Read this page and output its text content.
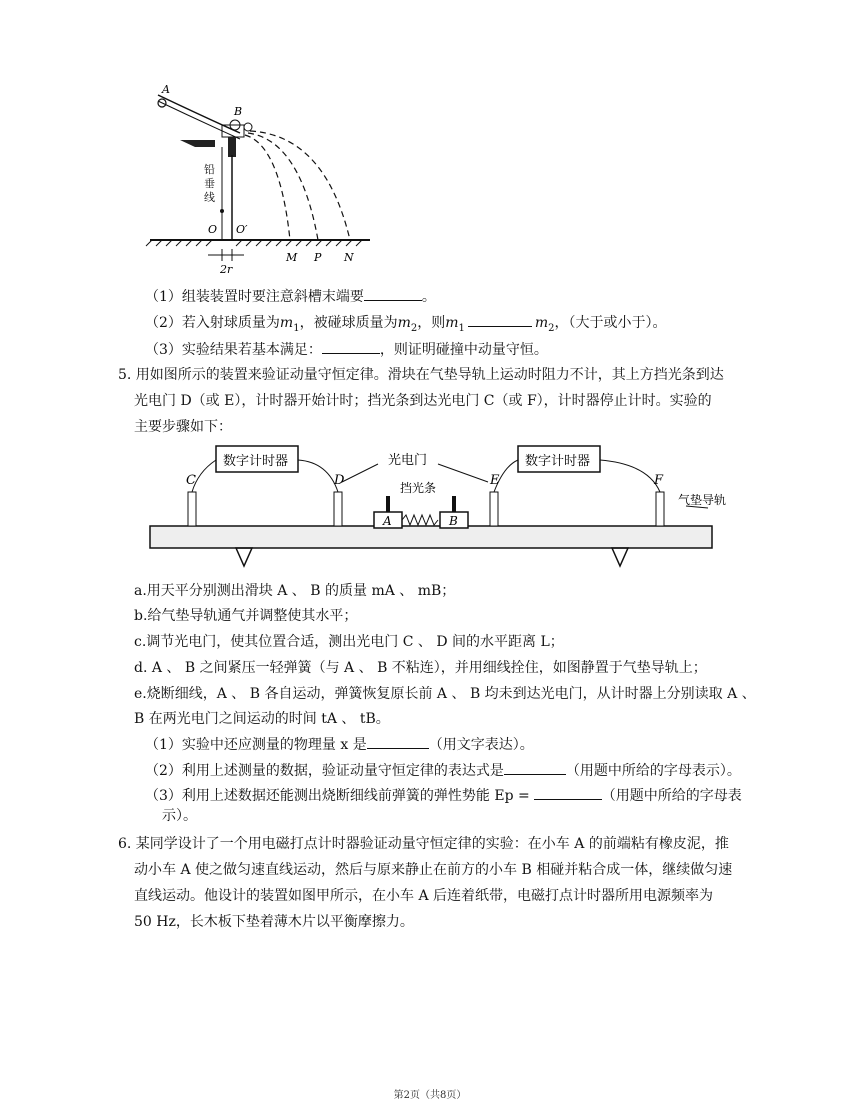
A
B
O O′
M P N
2r
铅垂线
（1）组装装置时要注意斜槽末端要	。
（2）若入射球质量为$m_1$，被碰球质量为$m_2$，则$m_1$	$m_2$，（大于或小于）。
（3）实验结果若基本满足：	，则证明碰撞中动量守恒。
5. 用如图所示的装置来验证动量守恒定律。滑块在气垫导轨上运动时阻力不计，其上方挡光条到达
光电门 D（或 E），计时器开始计时；挡光条到达光电门 C（或 F），计时器停止计时。实验的
主要步骤如下：
数字计时器	数字计时器
光电门
挡光条
气垫导轨
C	D	E	F
A	B
a.用天平分别测出滑块 A 、 B 的质量 mA 、 mB；
b.给气垫导轨通气并调整使其水平；
c.调节光电门，使其位置合适，测出光电门 C 、 D 间的水平距离 L；
d. A 、 B 之间紧压一轻弹簧（与 A 、 B 不粘连），并用细线拴住，如图静置于气垫导轨上；
e.烧断细线，A 、 B 各自运动，弹簧恢复原长前 A 、 B 均未到达光电门，从计时器上分别读取 A 、
B 在两光电门之间运动的时间 tA 、 tB。
（1）实验中还应测量的物理量 x 是	（用文字表达）。
（2）利用上述测量的数据，验证动量守恒定律的表达式是	（用题中所给的字母表示）。
（3）利用上述数据还能测出烧断细线前弹簧的弹性势能 Ep =	（用题中所给的字母表
示）。
6. 某同学设计了一个用电磁打点计时器验证动量守恒定律的实验：在小车 A 的前端粘有橡皮泥，推
动小车 A 使之做匀速直线运动，然后与原来静止在前方的小车 B 相碰并粘合成一体，继续做匀速
直线运动。他设计的装置如图甲所示，在小车 A 后连着纸带，电磁打点计时器所用电源频率为
50 Hz，长木板下垫着薄木片以平衡摩擦力。
第2页（共8页）
